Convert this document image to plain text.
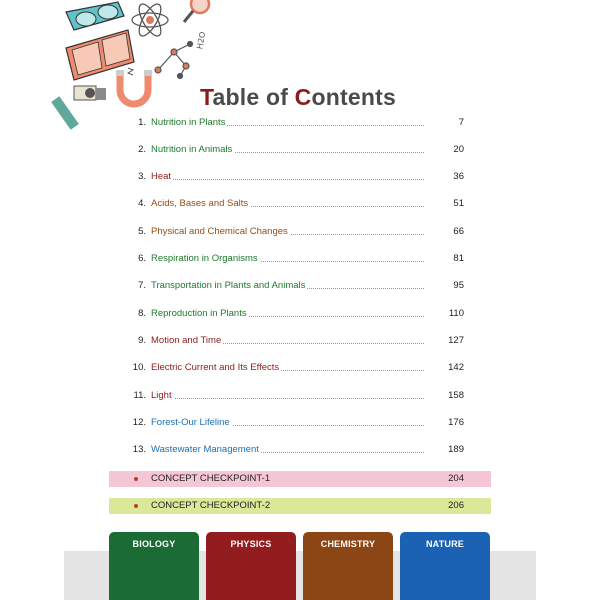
H2O
Table of Contents
1. Nutrition in Plants	7
2. Nutrition in Animals	20
3. Heat	36
4. Acids, Bases and Salts	51
5. Physical and Chemical Changes	66
6. Respiration in Organisms	81
7. Transportation in Plants and Animals	95
8. Reproduction in Plants	110
9. Motion and Time	127
10. Electric Current and Its Effects	142
11. Light	158
12. Forest-Our Lifeline	176
13. Wastewater Management	189
CONCEPT CHECKPOINT-1	204
CONCEPT CHECKPOINT-2	206
BIOLOGY	PHYSICS	CHEMISTRY	NATURE
